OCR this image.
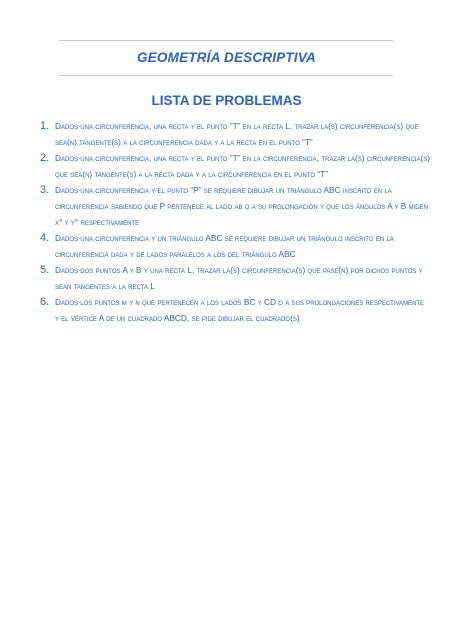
GEOMETRÍA DESCRIPTIVA
LISTA DE PROBLEMAS
1. Dados una circunferencia, una recta y el punto “T” en la recta L, trazar la(s) circunferencia(s) que sea(n) tangente(s) a la circunferencia dada y a la recta en el punto “T”
2. Dados una circunferencia, una recta y el punto “T” en la circunferencia, trazar la(s) circunferencia(s) que sea(n) tangente(s) a la recta dada y a la circunferencia en el punto “T”
3. Dados una circunferencia y el punto “P” se requiere dibujar un triángulo ABC inscrito en la circunferencia sabiendo que P pertenece al lado ab o a su prolongación y que los ángulos A y B miden x° y y° respectivamente
4. Dados una circunferencia y un triángulo ABC se requiere dibujar un triángulo inscrito en la circunferencia dada y de lados paralelos a los del triángulo ABC
5. Dados dos puntos A y B y una recta L, trazar la(s) circunferencia(s) que pase(n) por dichos puntos y sean tangentes a la recta L
6. Dados los puntos m y n que pertenecen a los lados BC y CD o a sus prolongaciones respectivamente y el vértice A de un cuadrado ABCD, se pide dibujar el cuadrado(s)
